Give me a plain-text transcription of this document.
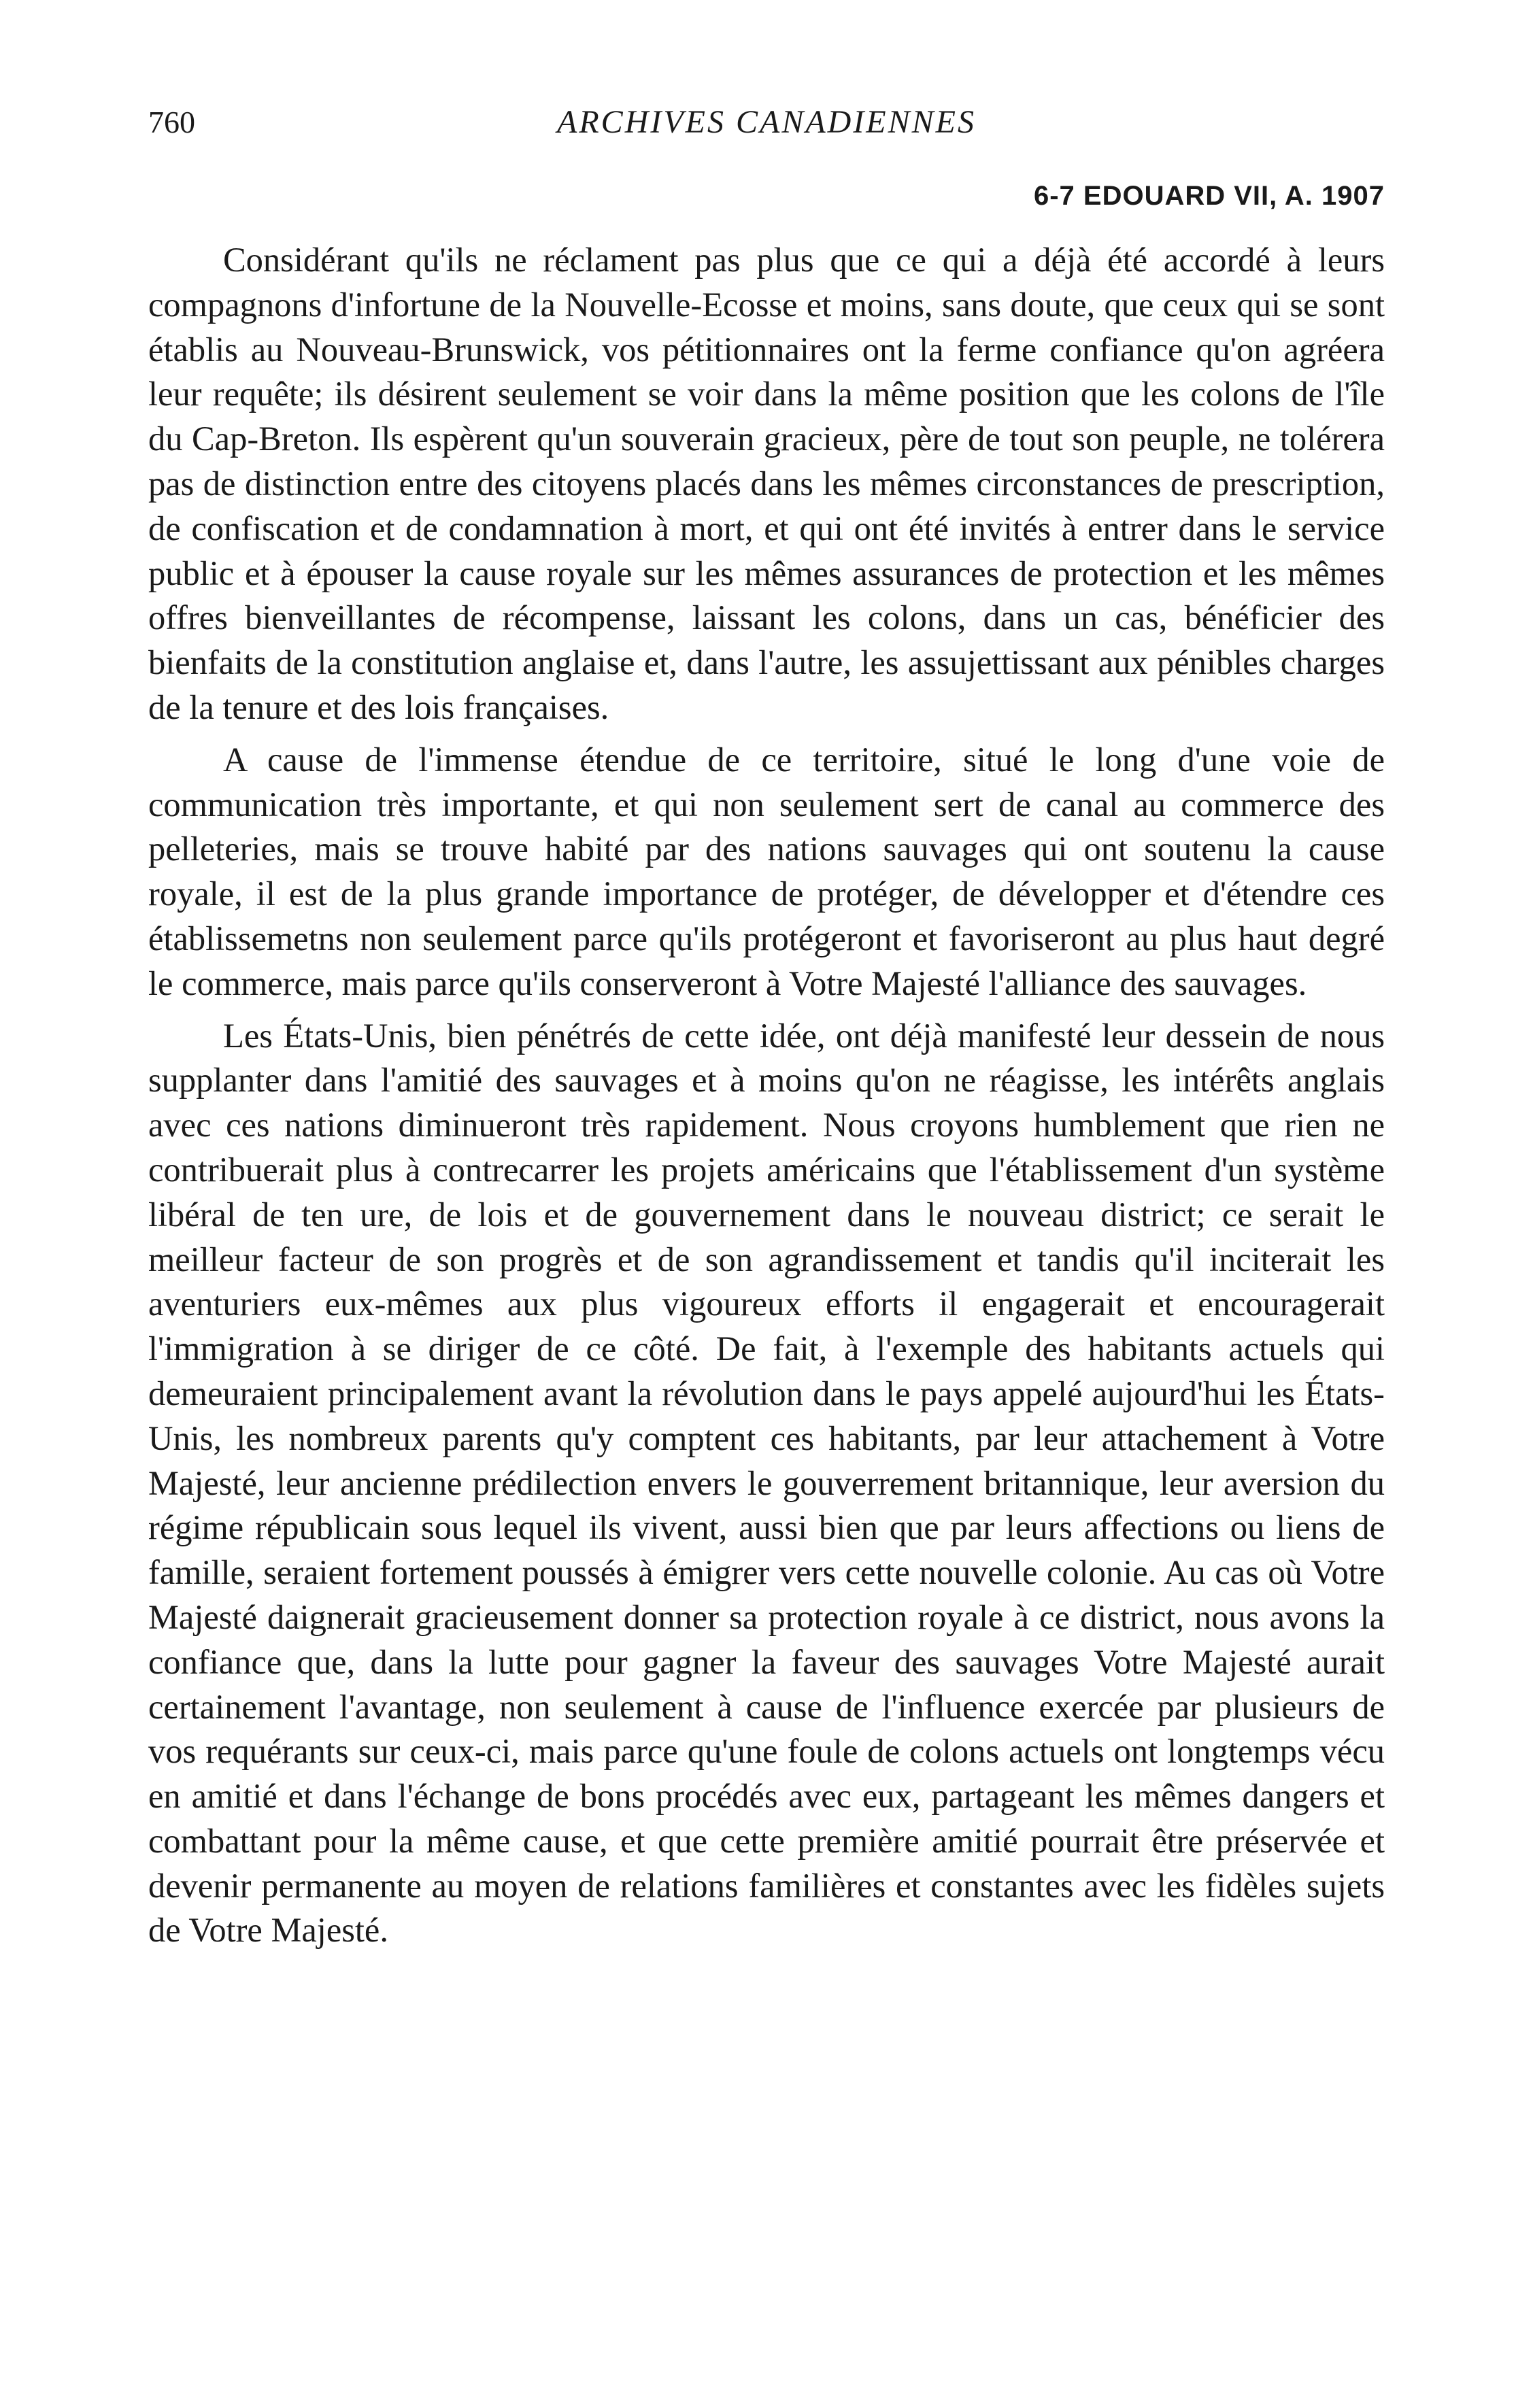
760	ARCHIVES CANADIENNES
6-7 EDOUARD VII, A. 1907

Considérant qu'ils ne réclament pas plus que ce qui a déjà été accordé à leurs compagnons d'infortune de la Nouvelle-Ecosse et moins, sans doute, que ceux qui se sont établis au Nouveau-Brunswick, vos pétitionnaires ont la ferme confiance qu'on agréera leur requête; ils désirent seulement se voir dans la même position que les colons de l'île du Cap-Breton. Ils espèrent qu'un souverain gracieux, père de tout son peuple, ne tolérera pas de distinction entre des citoyens placés dans les mêmes circonstances de prescription, de confiscation et de condamnation à mort, et qui ont été invités à entrer dans le service public et à épouser la cause royale sur les mêmes assurances de protection et les mêmes offres bienveillantes de récompense, laissant les colons, dans un cas, bénéficier des bienfaits de la constitution anglaise et, dans l'autre, les assujettissant aux pénibles charges de la tenure et des lois françaises.

A cause de l'immense étendue de ce territoire, situé le long d'une voie de communication très importante, et qui non seulement sert de canal au commerce des pelleteries, mais se trouve habité par des nations sauvages qui ont soutenu la cause royale, il est de la plus grande importance de protéger, de développer et d'étendre ces établissemetns non seulement parce qu'ils protégeront et favoriseront au plus haut degré le commerce, mais parce qu'ils conserveront à Votre Majesté l'alliance des sauvages.

Les États-Unis, bien pénétrés de cette idée, ont déjà manifesté leur dessein de nous supplanter dans l'amitié des sauvages et à moins qu'on ne réagisse, les intérêts anglais avec ces nations diminueront très rapidement. Nous croyons humblement que rien ne contribuerait plus à contrecarrer les projets américains que l'établissement d'un système libéral de ten ure, de lois et de gouvernement dans le nouveau district; ce serait le meilleur facteur de son progrès et de son agrandissement et tandis qu'il inciterait les aventuriers eux-mêmes aux plus vigoureux efforts il engagerait et encouragerait l'immigration à se diriger de ce côté. De fait, à l'exemple des habitants actuels qui demeuraient principalement avant la révolution dans le pays appelé aujourd'hui les États-Unis, les nombreux parents qu'y comptent ces habitants, par leur attachement à Votre Majesté, leur ancienne prédilection envers le gouverrement britannique, leur aversion du régime républicain sous lequel ils vivent, aussi bien que par leurs affections ou liens de famille, seraient fortement poussés à émigrer vers cette nouvelle colonie. Au cas où Votre Majesté daignerait gracieusement donner sa protection royale à ce district, nous avons la confiance que, dans la lutte pour gagner la faveur des sauvages Votre Majesté aurait certainement l'avantage, non seulement à cause de l'influence exercée par plusieurs de vos requérants sur ceux-ci, mais parce qu'une foule de colons actuels ont longtemps vécu en amitié et dans l'échange de bons procédés avec eux, partageant les mêmes dangers et combattant pour la même cause, et que cette première amitié pourrait être préservée et devenir permanente au moyen de relations familières et constantes avec les fidèles sujets de Votre Majesté.
